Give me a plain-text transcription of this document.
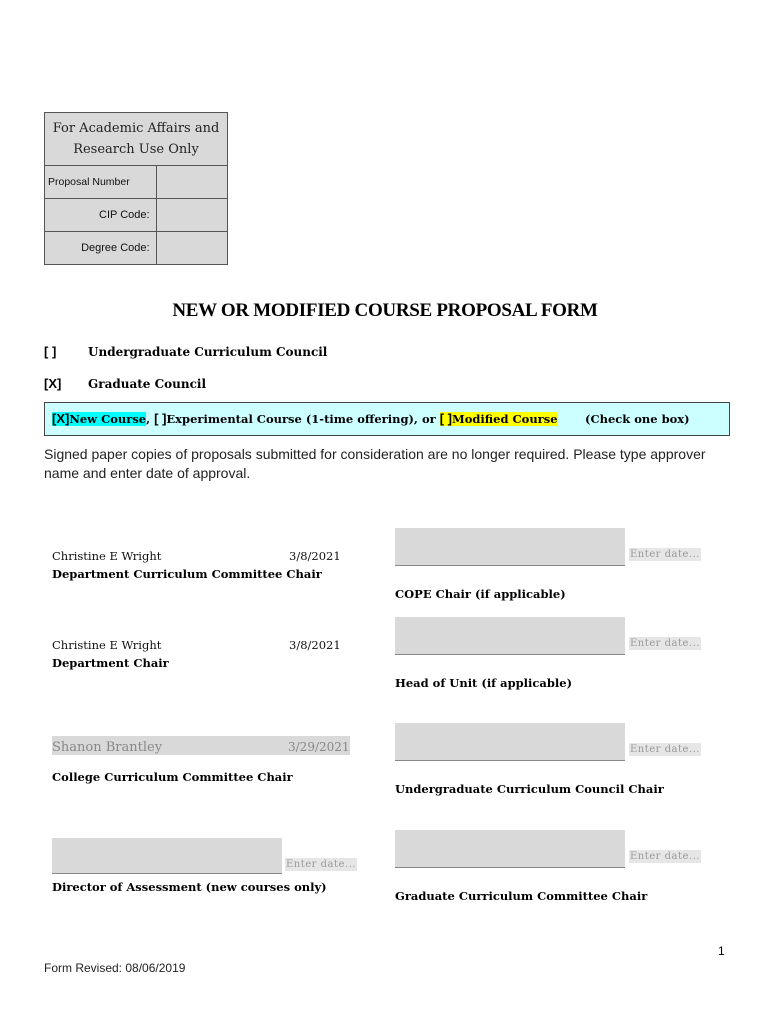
For Academic Affairs and Research Use Only	
Proposal Number	
CIP Code:	
Degree Code:	
NEW OR MODIFIED COURSE PROPOSAL FORM
[ ]	Undergraduate Curriculum Council
[X] Graduate Council
[X]New Course, [ ]Experimental Course (1-time offering), or [ ]Modified Course (Check one box)
Signed paper copies of proposals submitted for consideration are no longer required. Please type approver name and enter date of approval.
Christine E Wright	3/8/2021
Department Curriculum Committee Chair
Christine E Wright	3/8/2021
Department Chair
Shanon Brantley	3/29/2021
College Curriculum Committee Chair
Enter date...
Director of Assessment (new courses only)
Enter date...
COPE Chair (if applicable)
Enter date...
Head of Unit (if applicable)
Enter date...
Undergraduate Curriculum Council Chair
Enter date...
Graduate Curriculum Committee Chair
1
Form Revised: 08/06/2019
